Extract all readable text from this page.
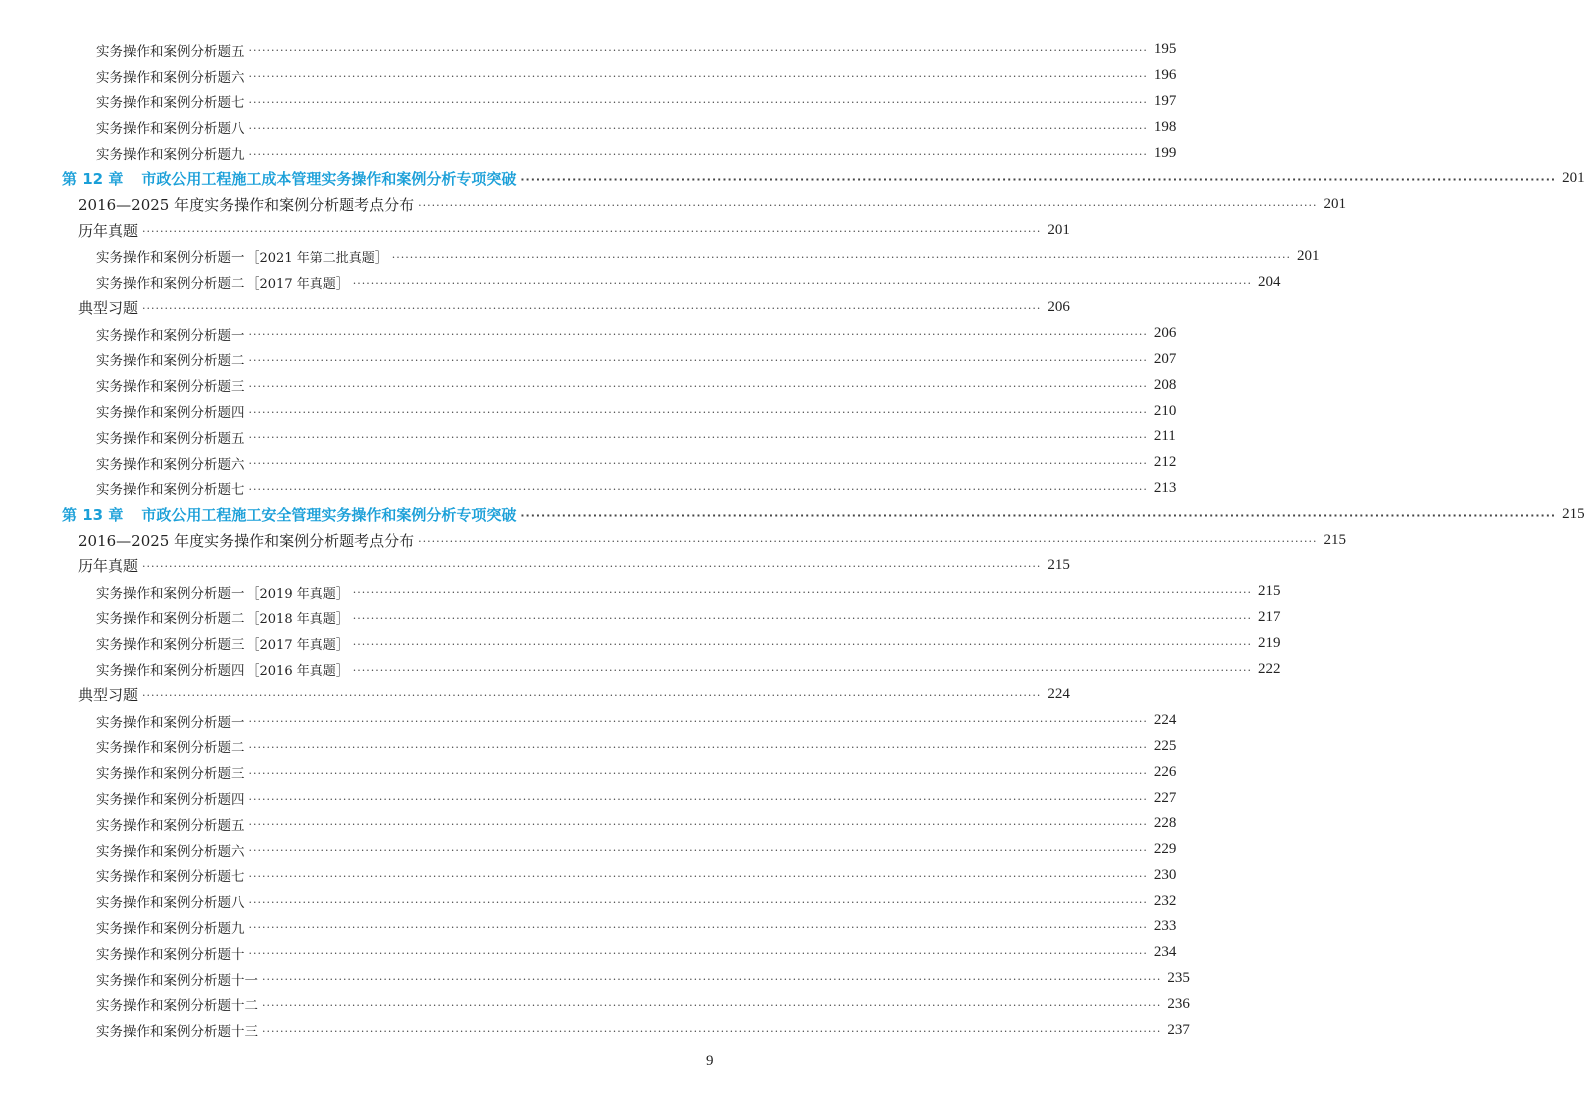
实务操作和案例分析题五 ········································································································································································································ 195
实务操作和案例分析题六 ········································································································································································································ 196
实务操作和案例分析题七 ········································································································································································································ 197
实务操作和案例分析题八 ········································································································································································································ 198
实务操作和案例分析题九 ········································································································································································································ 199
第 12 章 市政公用工程施工成本管理实务操作和案例分析专项突破 ········································································································································································································ 201
2016—2025 年度实务操作和案例分析题考点分布 ········································································································································································································ 201
历年真题 ········································································································································································································ 201
实务操作和案例分析题一 ［2021 年第二批真题］ ········································································································································································································ 201
实务操作和案例分析题二 ［2017 年真题］ ········································································································································································································ 204
典型习题 ········································································································································································································ 206
实务操作和案例分析题一 ········································································································································································································ 206
实务操作和案例分析题二 ········································································································································································································ 207
实务操作和案例分析题三 ········································································································································································································ 208
实务操作和案例分析题四 ········································································································································································································ 210
实务操作和案例分析题五 ········································································································································································································ 211
实务操作和案例分析题六 ········································································································································································································ 212
实务操作和案例分析题七 ········································································································································································································ 213
第 13 章 市政公用工程施工安全管理实务操作和案例分析专项突破 ········································································································································································································ 215
2016—2025 年度实务操作和案例分析题考点分布 ········································································································································································································ 215
历年真题 ········································································································································································································ 215
实务操作和案例分析题一 ［2019 年真题］ ········································································································································································································ 215
实务操作和案例分析题二 ［2018 年真题］ ········································································································································································································ 217
实务操作和案例分析题三 ［2017 年真题］ ········································································································································································································ 219
实务操作和案例分析题四 ［2016 年真题］ ········································································································································································································ 222
典型习题 ········································································································································································································ 224
实务操作和案例分析题一 ········································································································································································································ 224
实务操作和案例分析题二 ········································································································································································································ 225
实务操作和案例分析题三 ········································································································································································································ 226
实务操作和案例分析题四 ········································································································································································································ 227
实务操作和案例分析题五 ········································································································································································································ 228
实务操作和案例分析题六 ········································································································································································································ 229
实务操作和案例分析题七 ········································································································································································································ 230
实务操作和案例分析题八 ········································································································································································································ 232
实务操作和案例分析题九 ········································································································································································································ 233
实务操作和案例分析题十 ········································································································································································································ 234
实务操作和案例分析题十一 ········································································································································································································ 235
实务操作和案例分析题十二 ········································································································································································································ 236
实务操作和案例分析题十三 ········································································································································································································ 237
9
